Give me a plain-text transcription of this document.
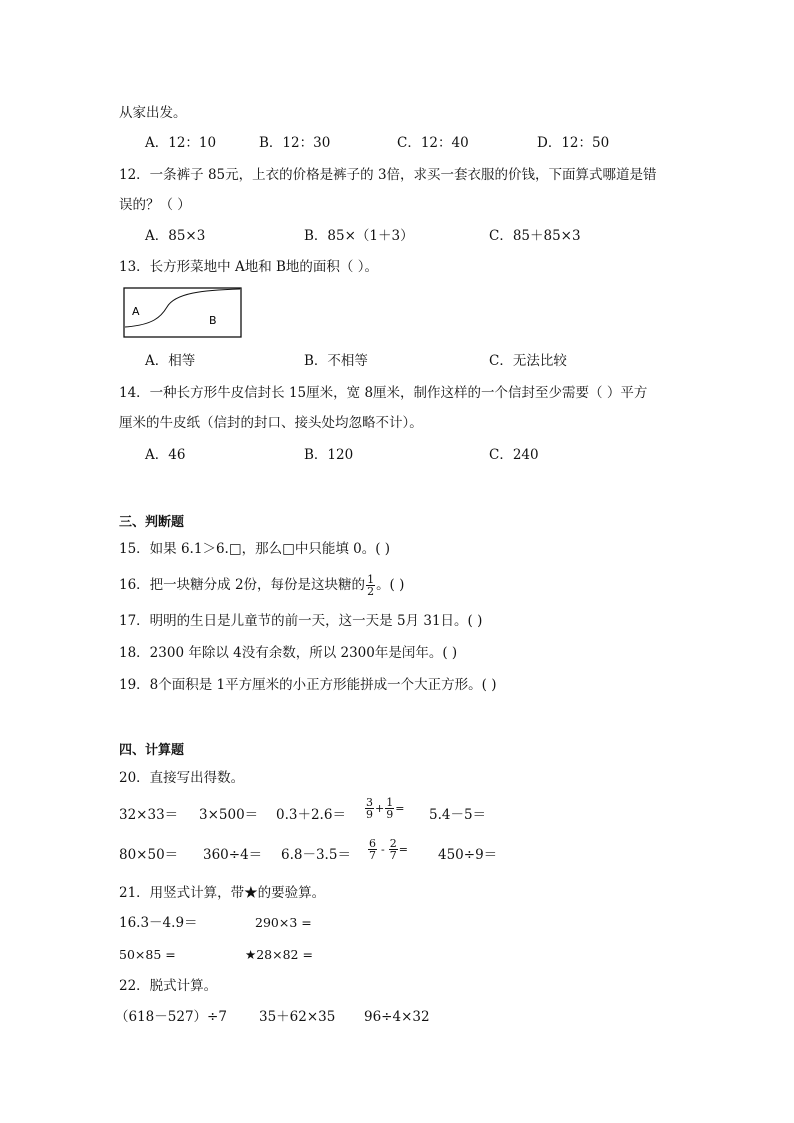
从家出发。
A．12：10	B．12：30	C．12：40	D．12：50
12．一条裤子 85元，上衣的价格是裤子的 3倍，求买一套衣服的价钱，下面算式哪道是错
误的？（ ）
A．85×3	B．85×（1＋3）	C．85＋85×3
13．长方形菜地中 A地和 B地的面积（ ）。
A
B
A．相等	B．不相等	C．无法比较
14．一种长方形牛皮信封长 15厘米，宽 8厘米，制作这样的一个信封至少需要（ ）平方
厘米的牛皮纸（信封的封口、接头处均忽略不计）。
A．46	B．120	C．240
三、判断题
15．如果 6.1＞6.□，那么□中只能填 0。( )
16．把一块糖分成 2份，每份是这块糖的 $\frac{1}{2}$ 。( )
17．明明的生日是儿童节的前一天，这一天是 5月 31日。( )
18．2300 年除以 4没有余数，所以 2300年是闰年。( )
19．8个面积是 1平方厘米的小正方形能拼成一个大正方形。( )
四、计算题
20．直接写出得数。
$32\times 33= 3\times 500= 0.3+2.6= \frac{3}{9} + \frac{1}{9} = 5.4-5=$
$80\times 50= 360\div 4= 6.8-3.5= \frac{6}{7} - \frac{2}{7} = 450\div 9=$
21．用竖式计算，带★的要验算。
16.3－4.9＝	290×3 =
50×85 =	★28×82 =
22．脱式计算。
（618－527）÷7 35＋62×35 96÷4×32
